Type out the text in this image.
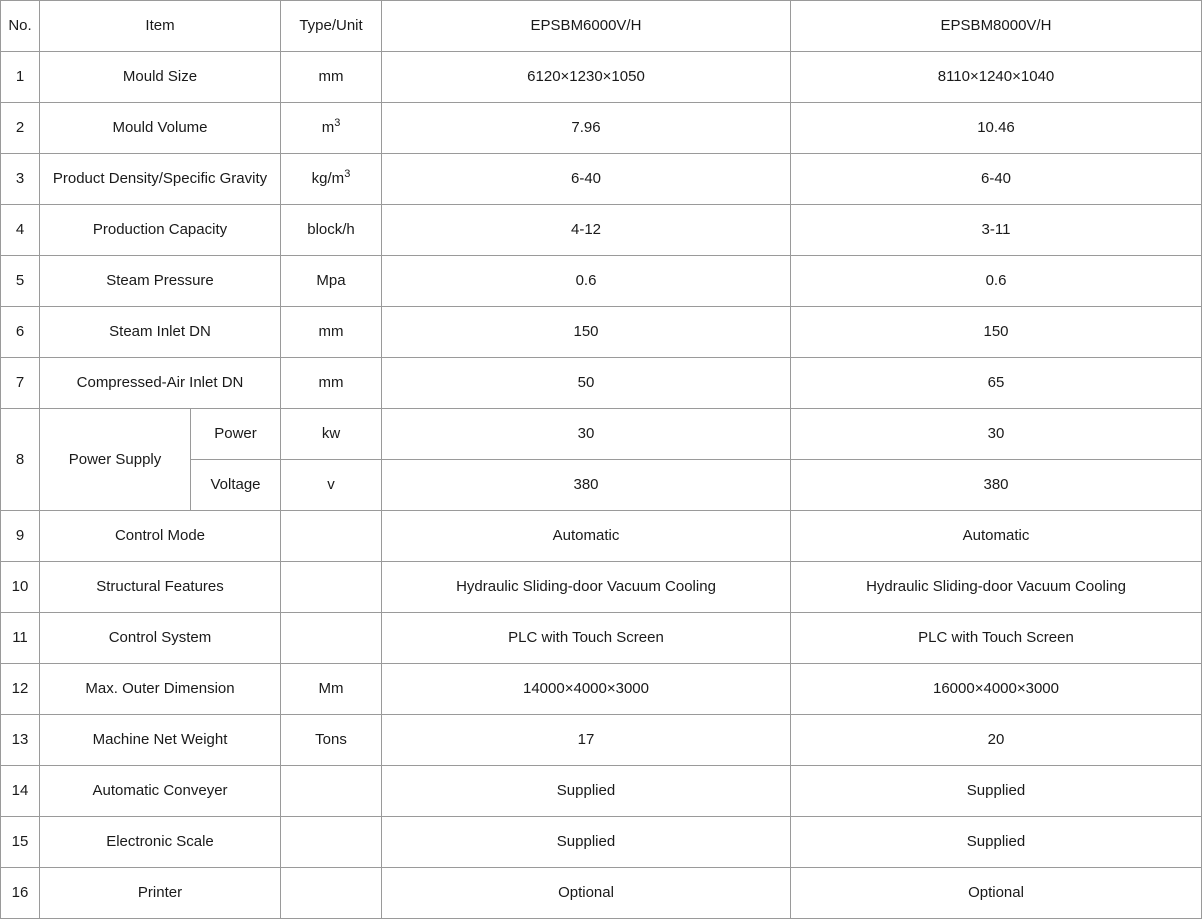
No.	Item		Type/Unit	EPSBM6000V/H	EPSBM8000V/H
1	Mould Size		mm	6120×1230×1050	8110×1240×1040
2	Mould Volume		$m^3$	7.96	10.46
3	Product Density/Specific Gravity		$kg/m^3$	6-40	6-40
4	Production Capacity		block/h	4-12	3-11
5	Steam Pressure		Mpa	0.6	0.6
6	Steam Inlet DN		mm	150	150
7	Compressed-Air Inlet DN		mm	50	65
8	Power Supply	Power	kw	30	30
		Voltage	v	380	380
9	Control Mode			Automatic	Automatic
10	Structural Features			Hydraulic Sliding-door Vacuum Cooling	Hydraulic Sliding-door Vacuum Cooling
11	Control System			PLC with Touch Screen	PLC with Touch Screen
12	Max. Outer Dimension		Mm	14000×4000×3000	16000×4000×3000
13	Machine Net Weight		Tons	17	20
14	Automatic Conveyer			Supplied	Supplied
15	Electronic Scale			Supplied	Supplied
16	Printer			Optional	Optional
